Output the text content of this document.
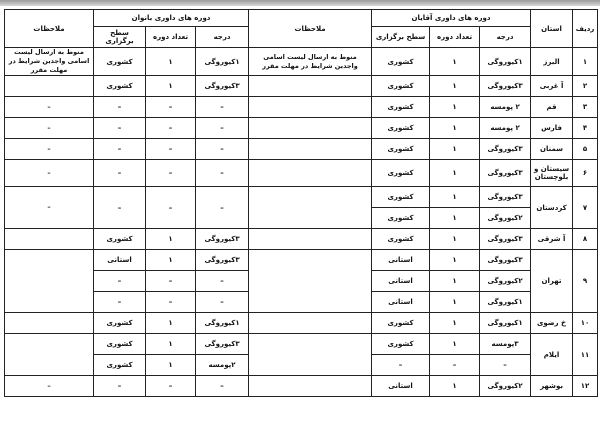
ردیف	استان	دوره های داوری آقایان			ملاحظات	دوره های داوری بانوان			ملاحظات
		درجه	تعداد دوره	سطح برگزاری		درجه	تعداد دوره	سطح برگزاری	
۱	البرز	۱کیوروگی	۱	کشوری	منوط به ارسال لیست اسامی واجدین شرایط در مهلت مقرر	۱کیوروگی	۱	کشوری	منوط به ارسال لیست اسامی واجدین شرایط در مهلت مقرر
۲	آ غربی	۳کیوروگی	۱	کشوری		۳کیوروگی	۱	کشوری	
۳	قم	۲ پومسه	۱	کشوری		–	–	–	–
۴	فارس	۲ پومسه	۱	کشوری		–	–	–	–
۵	سمنان	۳کیوروگی	۱	کشوری		–	–	–	–
۶	سیستان و بلوچستان	۳کیوروگی	۱	کشوری		–	–	–	–
۷	کردستان	۳کیوروگی	۱	کشوری		–	–	–	–
		۲کیوروگی	۱	کشوری					
۸	آ شرقی	۳کیوروگی	۱	کشوری		۳کیوروگی	۱	کشوری	
۹	تهران	۳کیوروگی	۱	استانی		۳کیوروگی	۱	استانی	
		۲کیوروگی	۱	استانی		–	–	–	
		۱کیوروگی	۱	استانی		–	–	–	
۱۰	خ رضوی	۱کیوروگی	۱	کشوری		۱کیوروگی	۱	کشوری	
۱۱	ایلام	۳پومسه	۱	کشوری		۳کیوروگی	۱	کشوری	
		–	–	–		۲پومسه	۱	کشوری	
۱۲	بوشهر	۲کیوروگی	۱	استانی		–	–	–	–
